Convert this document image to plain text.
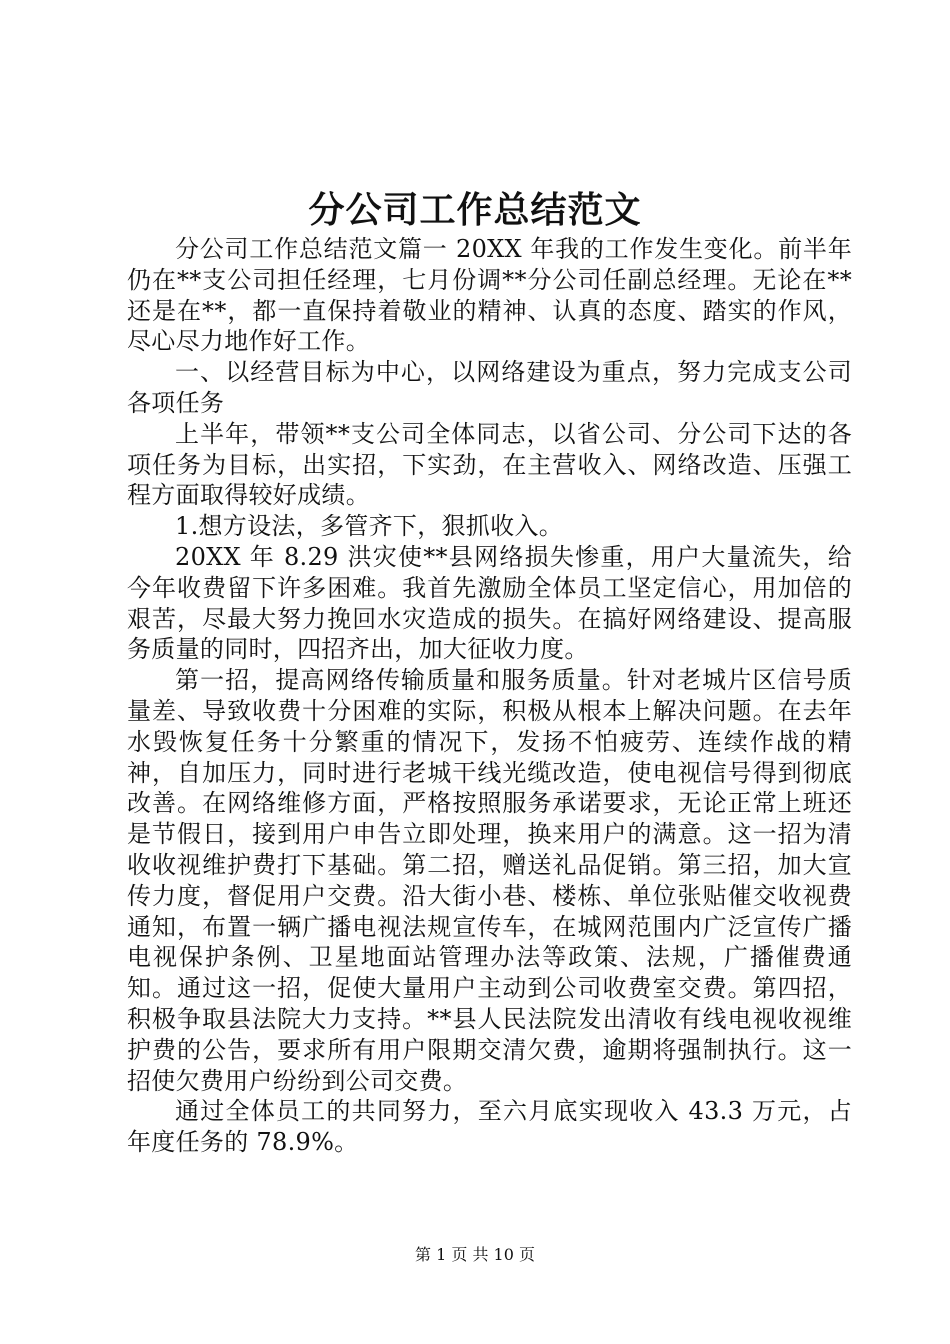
分公司工作总结范文

分公司工作总结范文篇一 20XX 年我的工作发生变化。前半年仍在**支公司担任经理，七月份调**分公司任副总经理。无论在**还是在**，都一直保持着敬业的精神、认真的态度、踏实的作风，尽心尽力地作好工作。

一、以经营目标为中心，以网络建设为重点，努力完成支公司各项任务

上半年，带领**支公司全体同志，以省公司、分公司下达的各项任务为目标，出实招，下实劲，在主营收入、网络改造、压强工程方面取得较好成绩。

1.想方设法，多管齐下，狠抓收入。

20XX 年 8.29 洪灾使**县网络损失惨重，用户大量流失，给今年收费留下许多困难。我首先激励全体员工坚定信心，用加倍的艰苦，尽最大努力挽回水灾造成的损失。在搞好网络建设、提高服务质量的同时，四招齐出，加大征收力度。

第一招，提高网络传输质量和服务质量。针对老城片区信号质量差、导致收费十分困难的实际，积极从根本上解决问题。在去年水毁恢复任务十分繁重的情况下，发扬不怕疲劳、连续作战的精神，自加压力，同时进行老城干线光缆改造，使电视信号得到彻底改善。在网络维修方面，严格按照服务承诺要求，无论正常上班还是节假日，接到用户申告立即处理，换来用户的满意。这一招为清收收视维护费打下基础。第二招，赠送礼品促销。第三招，加大宣传力度，督促用户交费。沿大街小巷、楼栋、单位张贴催交收视费通知，布置一辆广播电视法规宣传车，在城网范围内广泛宣传广播电视保护条例、卫星地面站管理办法等政策、法规，广播催费通知。通过这一招，促使大量用户主动到公司收费室交费。第四招，积极争取县法院大力支持。**县人民法院发出清收有线电视收视维护费的公告，要求所有用户限期交清欠费，逾期将强制执行。这一招使欠费用户纷纷到公司交费。

通过全体员工的共同努力，至六月底实现收入 43.3 万元，占年度任务的 78.9%。

第 1 页 共 10 页
